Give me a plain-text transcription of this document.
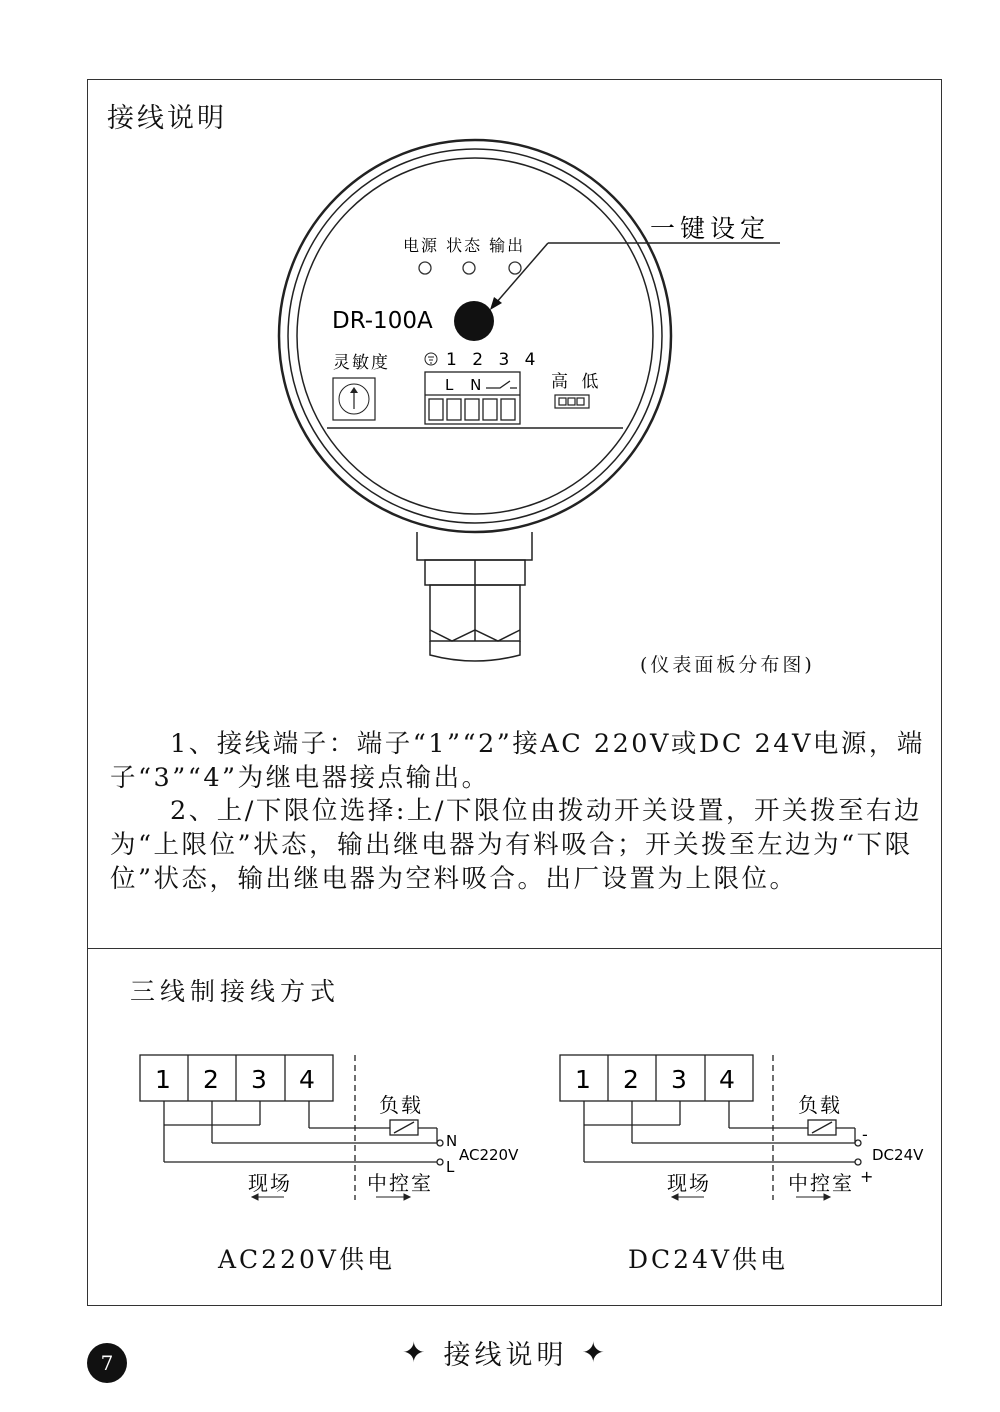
接线说明
电源 状态 输出
DR-100A
一键设定
灵敏度	1 2 3 4
L N	高 低
(仪表面板分布图)

1、接线端子：端子“1”“2”接AC 220V或DC 24V电源，端子“3”“4”为继电器接点输出。

2、上/下限位选择:上/下限位由拨动开关设置，开关拨至右边为“上限位”状态，输出继电器为有料吸合；开关拨至左边为“下限位”状态，输出继电器为空料吸合。出厂设置为上限位。

三线制接线方式
1 2 3 4
负载
N
L
AC220V
现场	中控室
1 2 3 4
负载
-
+
DC24V
现场	中控室
AC220V供电	DC24V供电
7	✦ 接线说明 ✦
